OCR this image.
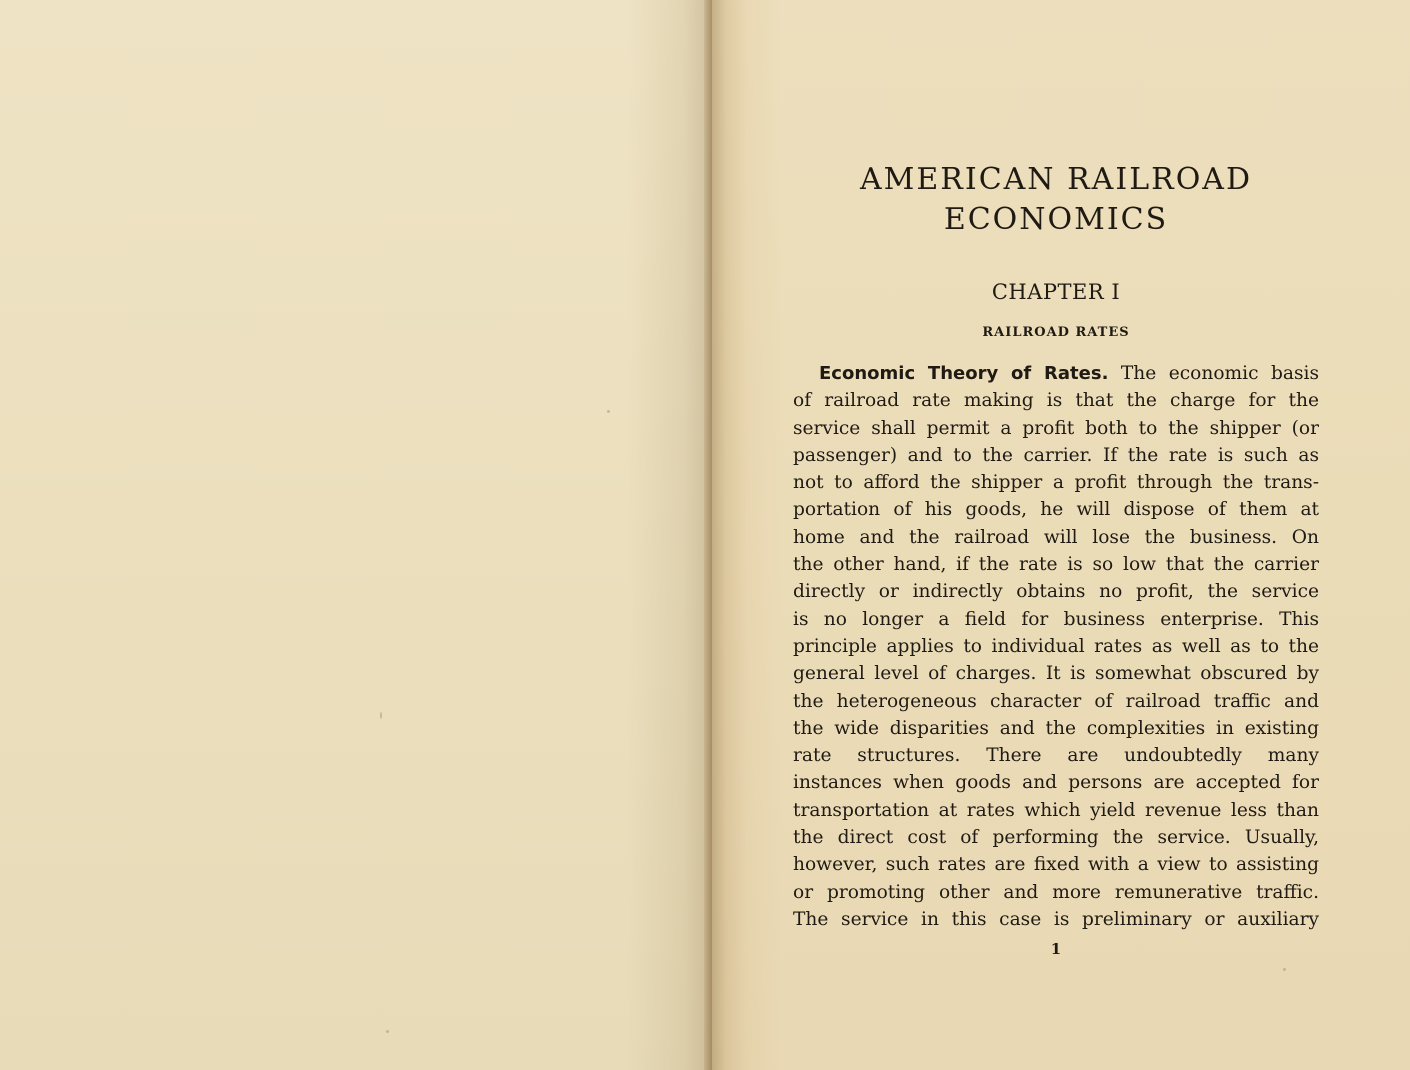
AMERICAN RAILROAD
ECONOMICS
CHAPTER I
RAILROAD RATES
Economic Theory of Rates. The economic basis
of railroad rate making is that the charge for the
service shall permit a profit both to the shipper (or
passenger) and to the carrier. If the rate is such as
not to afford the shipper a profit through the trans-
portation of his goods, he will dispose of them at
home and the railroad will lose the business. On
the other hand, if the rate is so low that the carrier
directly or indirectly obtains no profit, the service
is no longer a field for business enterprise. This
principle applies to individual rates as well as to the
general level of charges. It is somewhat obscured by
the heterogeneous character of railroad traffic and
the wide disparities and the complexities in existing
rate structures. There are undoubtedly many
instances when goods and persons are accepted for
transportation at rates which yield revenue less than
the direct cost of performing the service. Usually,
however, such rates are fixed with a view to assisting
or promoting other and more remunerative traffic.
The service in this case is preliminary or auxiliary
1
